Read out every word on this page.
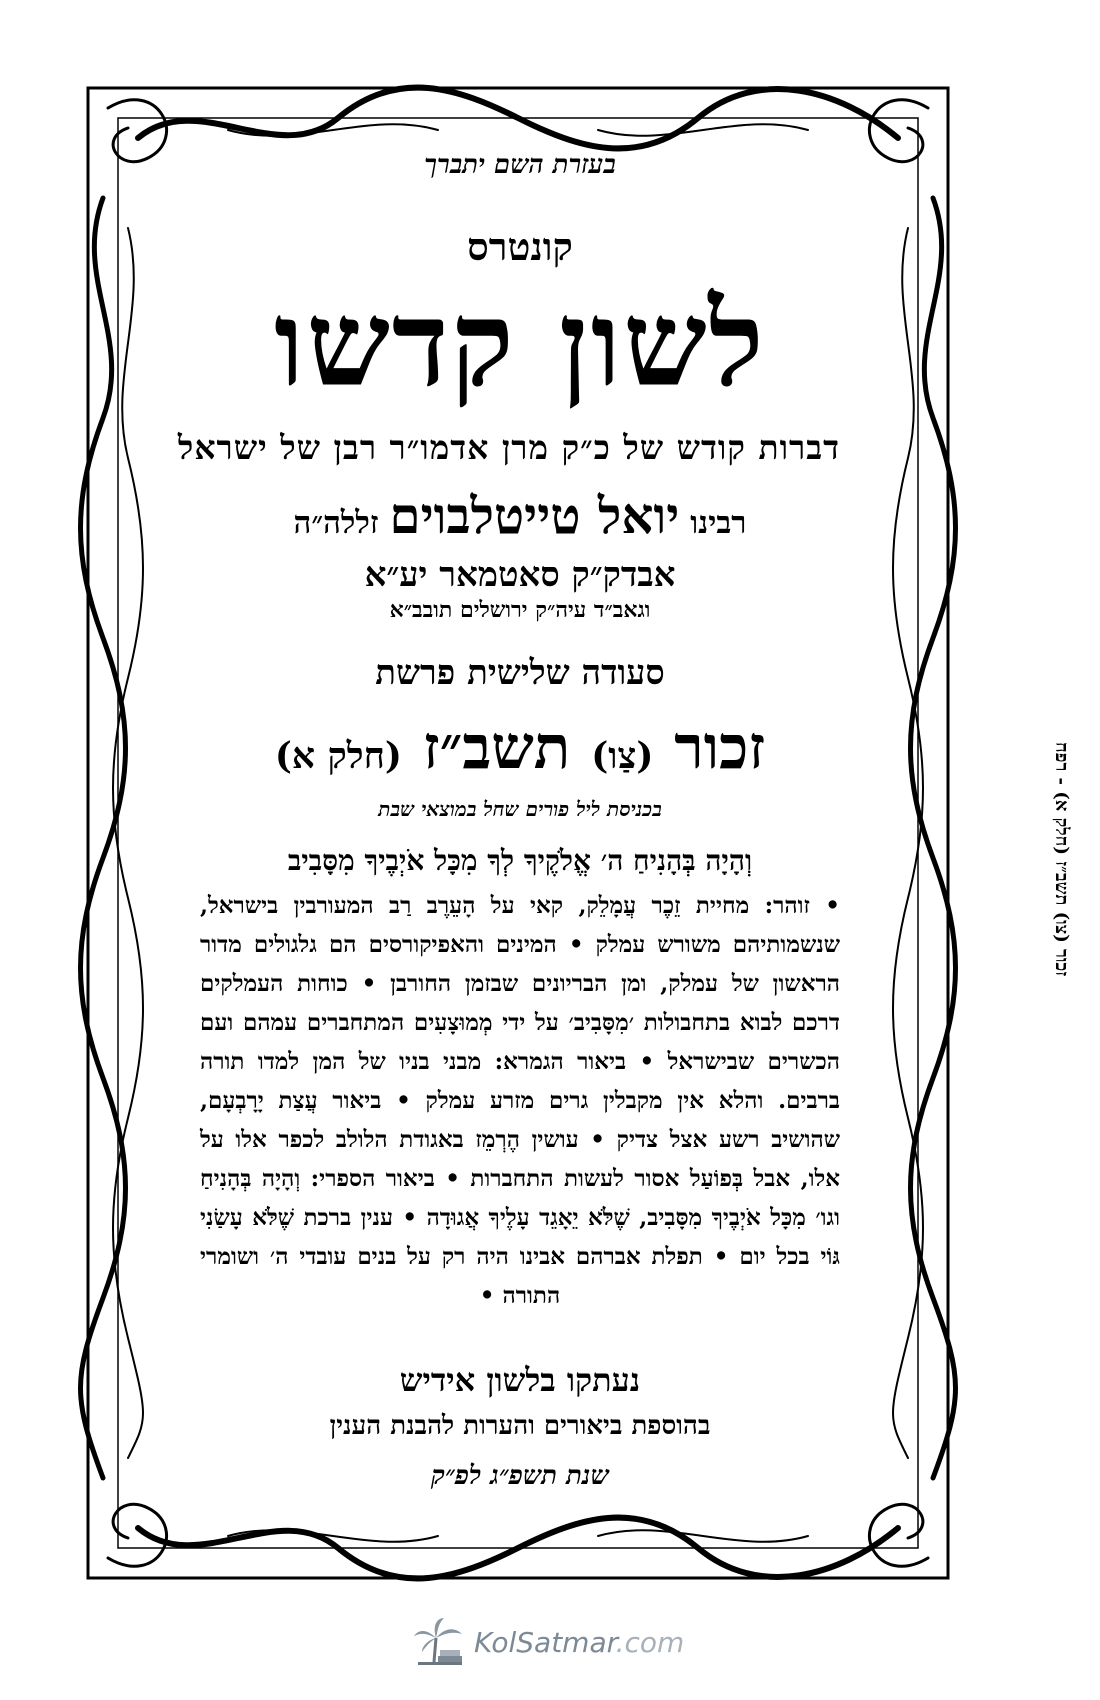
בעזרת השם יתברך
קונטרס
לשון קדשו
דברות קודש של כ״ק מרן אדמו״ר רבן של ישראל
רבינו יואל טייטלבוים זללה״ה
אבדק״ק סאטמאר יע״א
וגאב״ד עיה״ק ירושלים תובב״א
סעודה שלישית פרשת
זכור (צַו) תשב״ז (חלק א)
בכניסת ליל פורים שחל במוצאי שבת
וְהָיָה בְּהָנִיחַ ה׳ אֱלֹקֶיךָ לְךָ מִכָּל אֹיְבֶיךָ מִסָּבִיב
• זוהר: מחיית זֵכֶר עֲמָלֵק, קאי על הָעֵרֶב רַב המעורבין בישראל, שנשמותיהם משורש עמלק • המינים והאפיקורסים הם גלגולים מדור הראשון של עמלק, ומן הבריונים שבזמן החורבן • כוחות העמלקים דרכם לבוא בתחבולות ׳מִסָּבִיב׳ על ידי מְמוּצָעִים המתחברים עמהם ועם הכשרים שבישראל • ביאור הגמרא: מבני בניו של המן למדו תורה ברבים. והלא אין מקבלין גרים מזרע עמלק • ביאור עֲצַת יָרָבְעָם, שהושיב רשע אצל צדיק • עושין הֶרְמֵז באגודת הלולב לכפר אלו על אלו, אבל בְּפוֹעַל אסור לעשות התחברות • ביאור הספרי: וְהָיָה בְּהָנִיחַ וגו׳ מִכָּל אֹיְבֶיךָ מִסָּבִיב, שֶׁלֹּא יֵאָגֵד עָלֶיךָ אֲגוּדָה • ענין ברכת שֶׁלֹּא עָשַׂנִי גּוֹי בכל יום • תפלת אברהם אבינו היה רק על בנים עובדי ה׳ ושומרי התורה •
נעתקו בלשון אידיש
בהוספת ביאורים והערות להבנת הענין
שנת תשפ״ג לפ״ק
זכור (צו) תשב״ז (חלק א) - רפח
KolSatmar.com
